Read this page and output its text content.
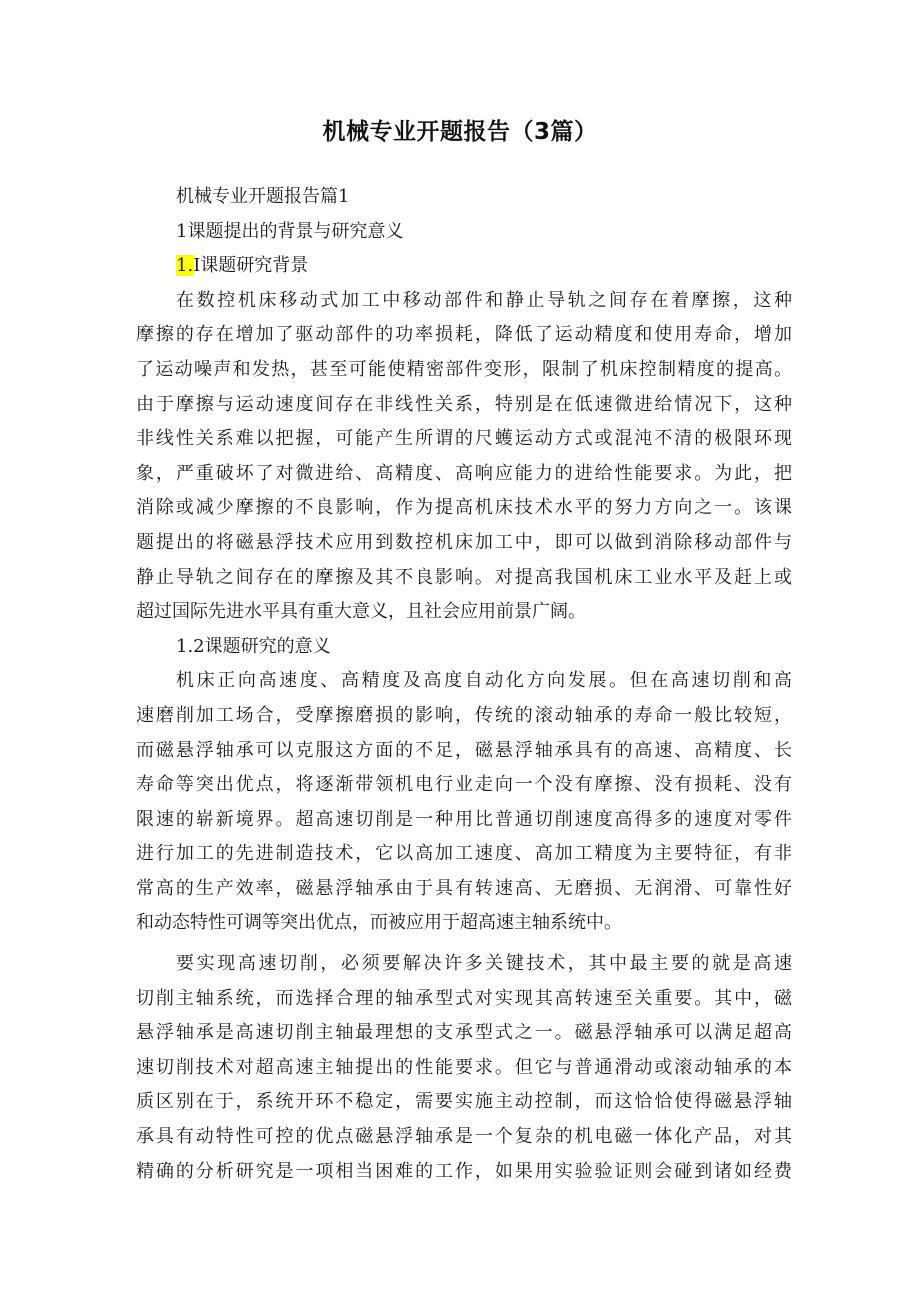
机械专业开题报告（3篇）

机械专业开题报告篇1

1课题提出的背景与研究意义

1.I课题研究背景

在数控机床移动式加工中移动部件和静止导轨之间存在着摩擦，这种
摩擦的存在增加了驱动部件的功率损耗，降低了运动精度和使用寿命，增加
了运动噪声和发热，甚至可能使精密部件变形，限制了机床控制精度的提高。
由于摩擦与运动速度间存在非线性关系，特别是在低速微进给情况下，这种
非线性关系难以把握，可能产生所谓的尺蠖运动方式或混沌不清的极限环现
象，严重破坏了对微进给、高精度、高响应能力的进给性能要求。为此，把
消除或减少摩擦的不良影响，作为提高机床技术水平的努力方向之一。该课
题提出的将磁悬浮技术应用到数控机床加工中，即可以做到消除移动部件与
静止导轨之间存在的摩擦及其不良影响。对提高我国机床工业水平及赶上或
超过国际先进水平具有重大意义，且社会应用前景广阔。

1.2课题研究的意义

机床正向高速度、高精度及高度自动化方向发展。但在高速切削和高
速磨削加工场合，受摩擦磨损的影响，传统的滚动轴承的寿命一般比较短，
而磁悬浮轴承可以克服这方面的不足，磁悬浮轴承具有的高速、高精度、长
寿命等突出优点，将逐渐带领机电行业走向一个没有摩擦、没有损耗、没有
限速的崭新境界。超高速切削是一种用比普通切削速度高得多的速度对零件
进行加工的先进制造技术，它以高加工速度、高加工精度为主要特征，有非
常高的生产效率，磁悬浮轴承由于具有转速高、无磨损、无润滑、可靠性好
和动态特性可调等突出优点，而被应用于超高速主轴系统中。
要实现高速切削，必须要解决许多关键技术，其中最主要的就是高速
切削主轴系统，而选择合理的轴承型式对实现其高转速至关重要。其中，磁
悬浮轴承是高速切削主轴最理想的支承型式之一。磁悬浮轴承可以满足超高
速切削技术对超高速主轴提出的性能要求。但它与普通滑动或滚动轴承的本
质区别在于，系统开环不稳定，需要实施主动控制，而这恰恰使得磁悬浮轴
承具有动特性可控的优点磁悬浮轴承是一个复杂的机电磁一体化产品，对其
精确的分析研究是一项相当困难的工作，如果用实验验证则会碰到诸如经费
